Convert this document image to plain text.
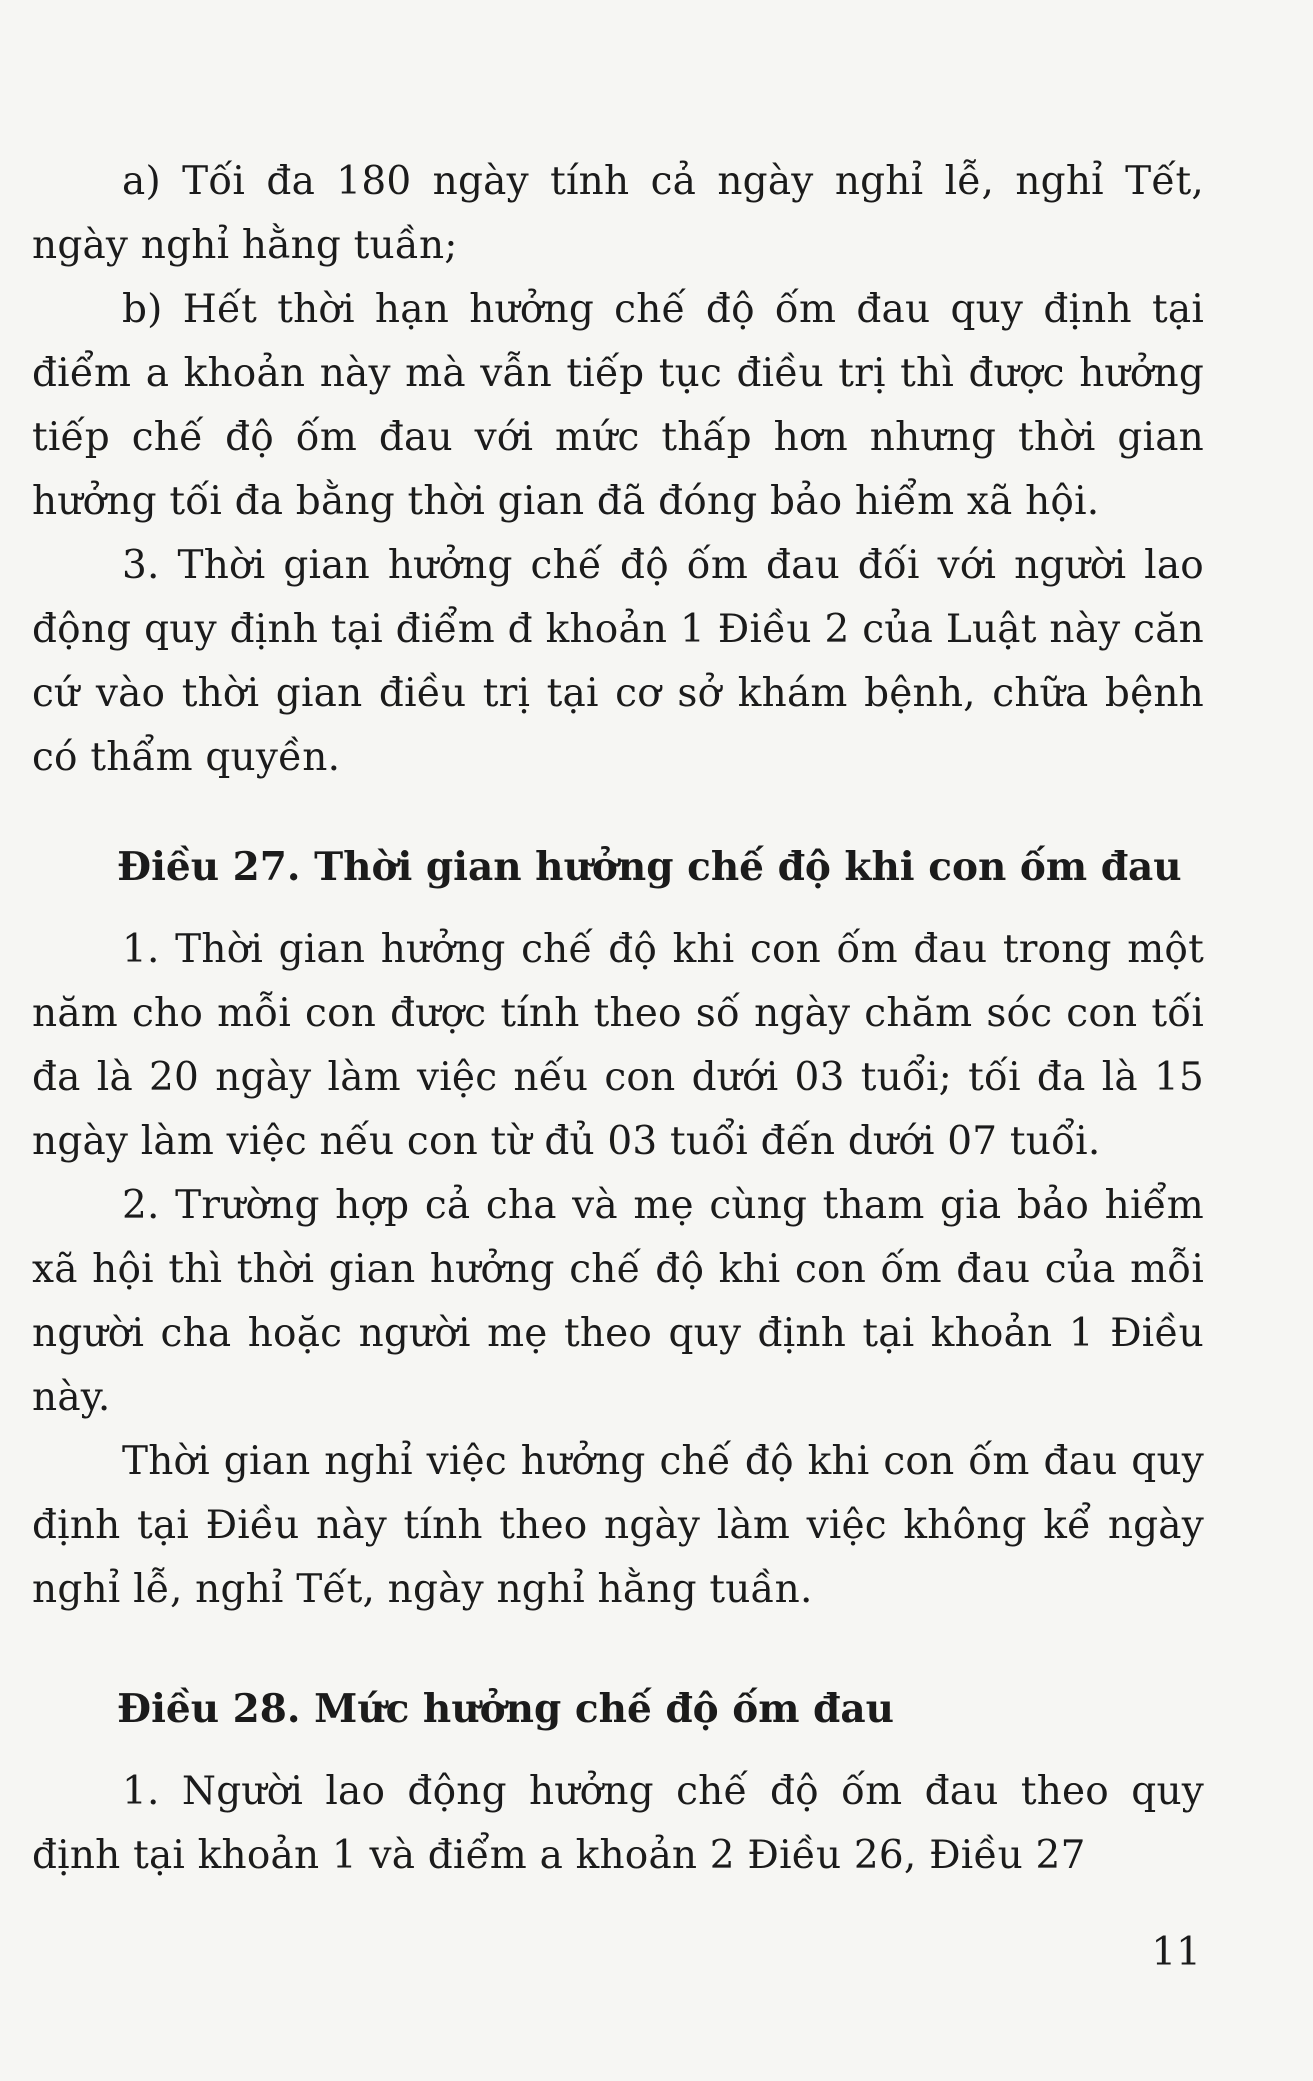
a) Tối đa 180 ngày tính cả ngày nghỉ lễ, nghỉ Tết, ngày nghỉ hằng tuần;

b) Hết thời hạn hưởng chế độ ốm đau quy định tại điểm a khoản này mà vẫn tiếp tục điều trị thì được hưởng tiếp chế độ ốm đau với mức thấp hơn nhưng thời gian hưởng tối đa bằng thời gian đã đóng bảo hiểm xã hội.

3. Thời gian hưởng chế độ ốm đau đối với người lao động quy định tại điểm đ khoản 1 Điều 2 của Luật này căn cứ vào thời gian điều trị tại cơ sở khám bệnh, chữa bệnh có thẩm quyền.

Điều 27. Thời gian hưởng chế độ khi con ốm đau

1. Thời gian hưởng chế độ khi con ốm đau trong một năm cho mỗi con được tính theo số ngày chăm sóc con tối đa là 20 ngày làm việc nếu con dưới 03 tuổi; tối đa là 15 ngày làm việc nếu con từ đủ 03 tuổi đến dưới 07 tuổi.

2. Trường hợp cả cha và mẹ cùng tham gia bảo hiểm xã hội thì thời gian hưởng chế độ khi con ốm đau của mỗi người cha hoặc người mẹ theo quy định tại khoản 1 Điều này.

Thời gian nghỉ việc hưởng chế độ khi con ốm đau quy định tại Điều này tính theo ngày làm việc không kể ngày nghỉ lễ, nghỉ Tết, ngày nghỉ hằng tuần.

Điều 28. Mức hưởng chế độ ốm đau

1. Người lao động hưởng chế độ ốm đau theo quy định tại khoản 1 và điểm a khoản 2 Điều 26, Điều 27

11
